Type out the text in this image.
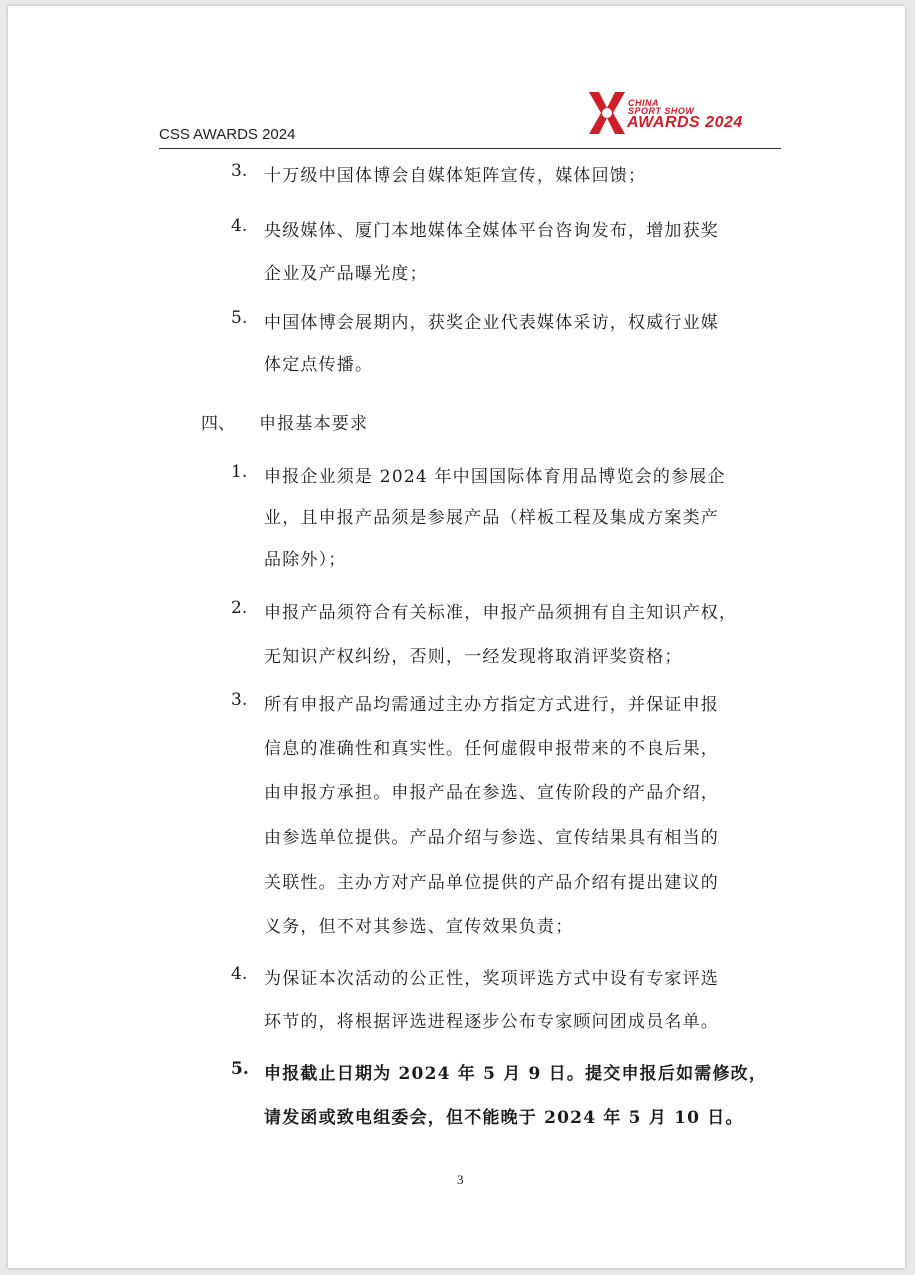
CSS AWARDS 2024
CHINA
SPORT SHOW
AWARDS 2024
3. 十万级中国体博会自媒体矩阵宣传，媒体回馈；
4. 央级媒体、厦门本地媒体全媒体平台咨询发布，增加获奖
企业及产品曝光度；
5. 中国体博会展期内，获奖企业代表媒体采访，权威行业媒
体定点传播。
四、 申报基本要求
1. 申报企业须是 2024 年中国国际体育用品博览会的参展企
业，且申报产品须是参展产品（样板工程及集成方案类产
品除外）；
2. 申报产品须符合有关标准，申报产品须拥有自主知识产权，
无知识产权纠纷，否则，一经发现将取消评奖资格；
3. 所有申报产品均需通过主办方指定方式进行，并保证申报
信息的准确性和真实性。任何虚假申报带来的不良后果，
由申报方承担。申报产品在参选、宣传阶段的产品介绍，
由参选单位提供。产品介绍与参选、宣传结果具有相当的
关联性。主办方对产品单位提供的产品介绍有提出建议的
义务，但不对其参选、宣传效果负责；
4. 为保证本次活动的公正性，奖项评选方式中设有专家评选
环节的，将根据评选进程逐步公布专家顾问团成员名单。
5. 申报截止日期为 2024 年 5 月 9 日。提交申报后如需修改，
请发函或致电组委会，但不能晚于 2024 年 5 月 10 日。
3
